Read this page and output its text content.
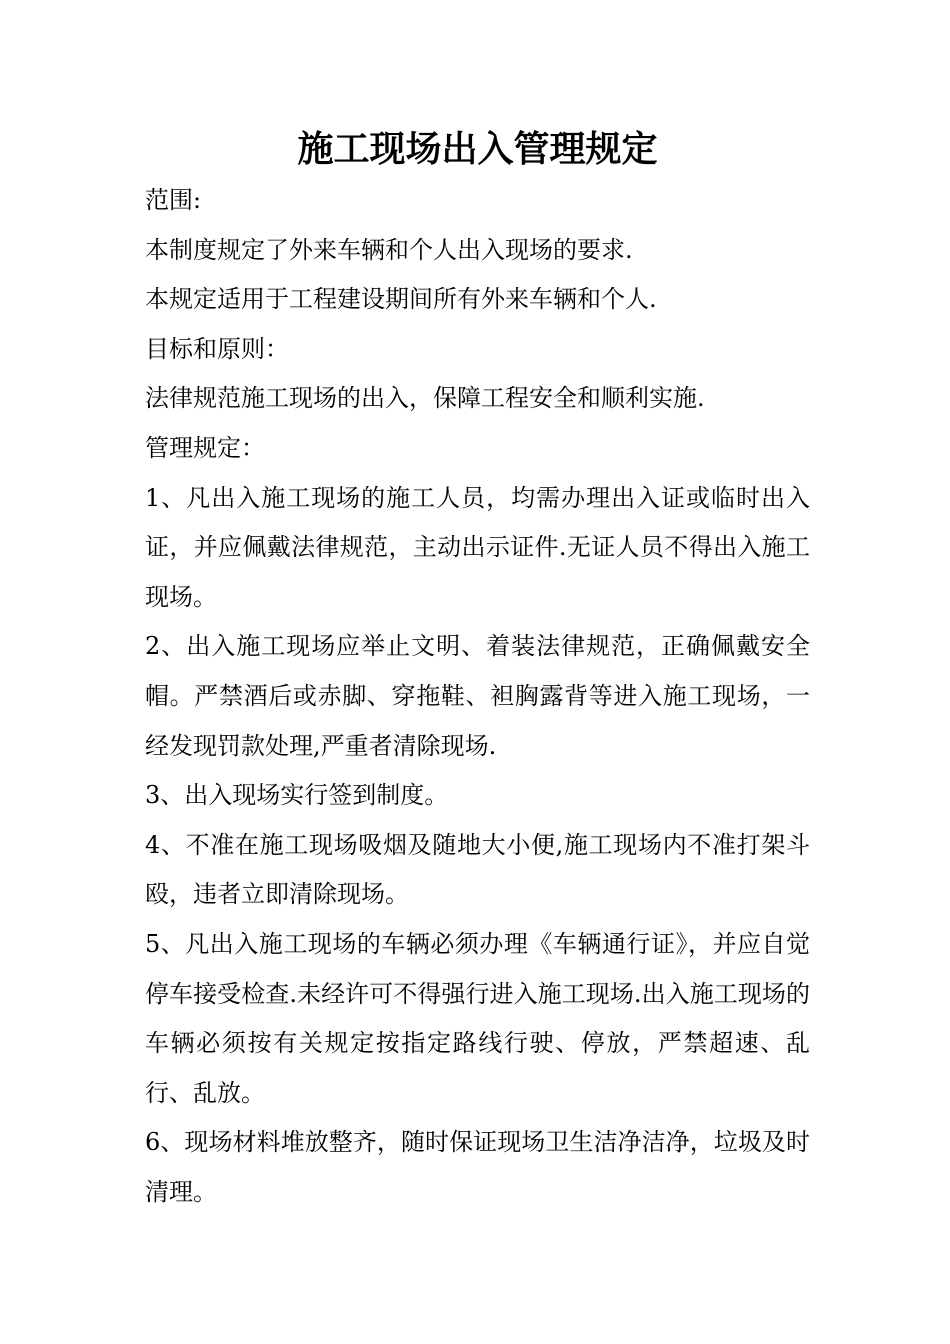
施工现场出入管理规定

范围:

本制度规定了外来车辆和个人出入现场的要求.

本规定适用于工程建设期间所有外来车辆和个人.

目标和原则：

法律规范施工现场的出入，保障工程安全和顺利实施.

管理规定：

1、凡出入施工现场的施工人员，均需办理出入证或临时出入证，并应佩戴法律规范，主动出示证件.无证人员不得出入施工现场。

2、出入施工现场应举止文明、着装法律规范，正确佩戴安全帽。严禁酒后或赤脚、穿拖鞋、袒胸露背等进入施工现场，一经发现罚款处理,严重者清除现场.

3、出入现场实行签到制度。

4、不准在施工现场吸烟及随地大小便,施工现场内不准打架斗殴，违者立即清除现场。

5、凡出入施工现场的车辆必须办理《车辆通行证》，并应自觉停车接受检查.未经许可不得强行进入施工现场.出入施工现场的车辆必须按有关规定按指定路线行驶、停放，严禁超速、乱行、乱放。

6、现场材料堆放整齐，随时保证现场卫生洁净洁净，垃圾及时清理。
